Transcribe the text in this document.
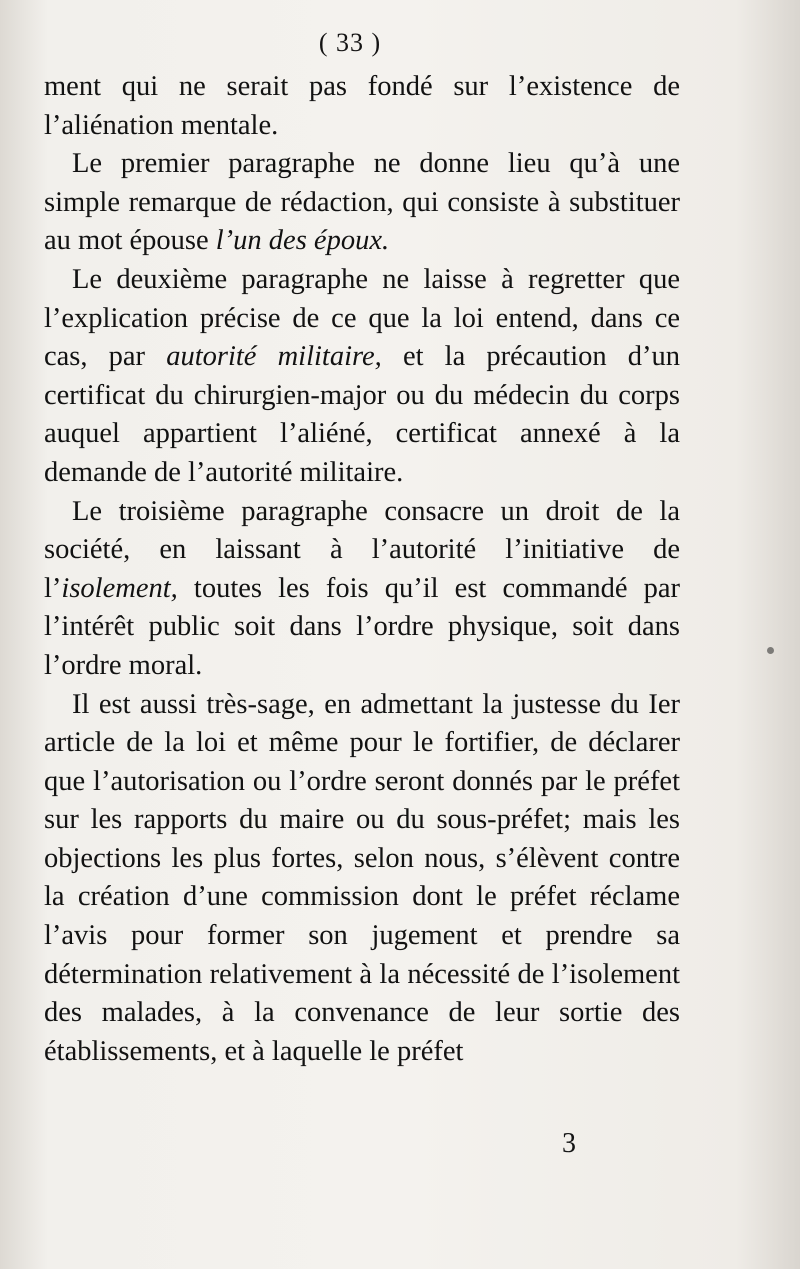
( 33 )

ment qui ne serait pas fondé sur l’existence de l’aliénation mentale.

Le premier paragraphe ne donne lieu qu’à une simple remarque de rédaction, qui consiste à substituer au mot épouse l’un des époux.

Le deuxième paragraphe ne laisse à regretter que l’explication précise de ce que la loi entend, dans ce cas, par autorité militaire, et la précaution d’un certificat du chirurgien-major ou du médecin du corps auquel appartient l’aliéné, certificat annexé à la demande de l’autorité militaire.

Le troisième paragraphe consacre un droit de la société, en laissant à l’autorité l’initiative de l’isolement, toutes les fois qu’il est commandé par l’intérêt public soit dans l’ordre physique, soit dans l’ordre moral.

Il est aussi très-sage, en admettant la justesse du Ier article de la loi et même pour le fortifier, de déclarer que l’autorisation ou l’ordre seront donnés par le préfet sur les rapports du maire ou du sous-préfet; mais les objections les plus fortes, selon nous, s’élèvent contre la création d’une commission dont le préfet réclame l’avis pour former son jugement et prendre sa détermination relativement à la nécessité de l’isolement des malades, à la convenance de leur sortie des établissements, et à laquelle le préfet

3
